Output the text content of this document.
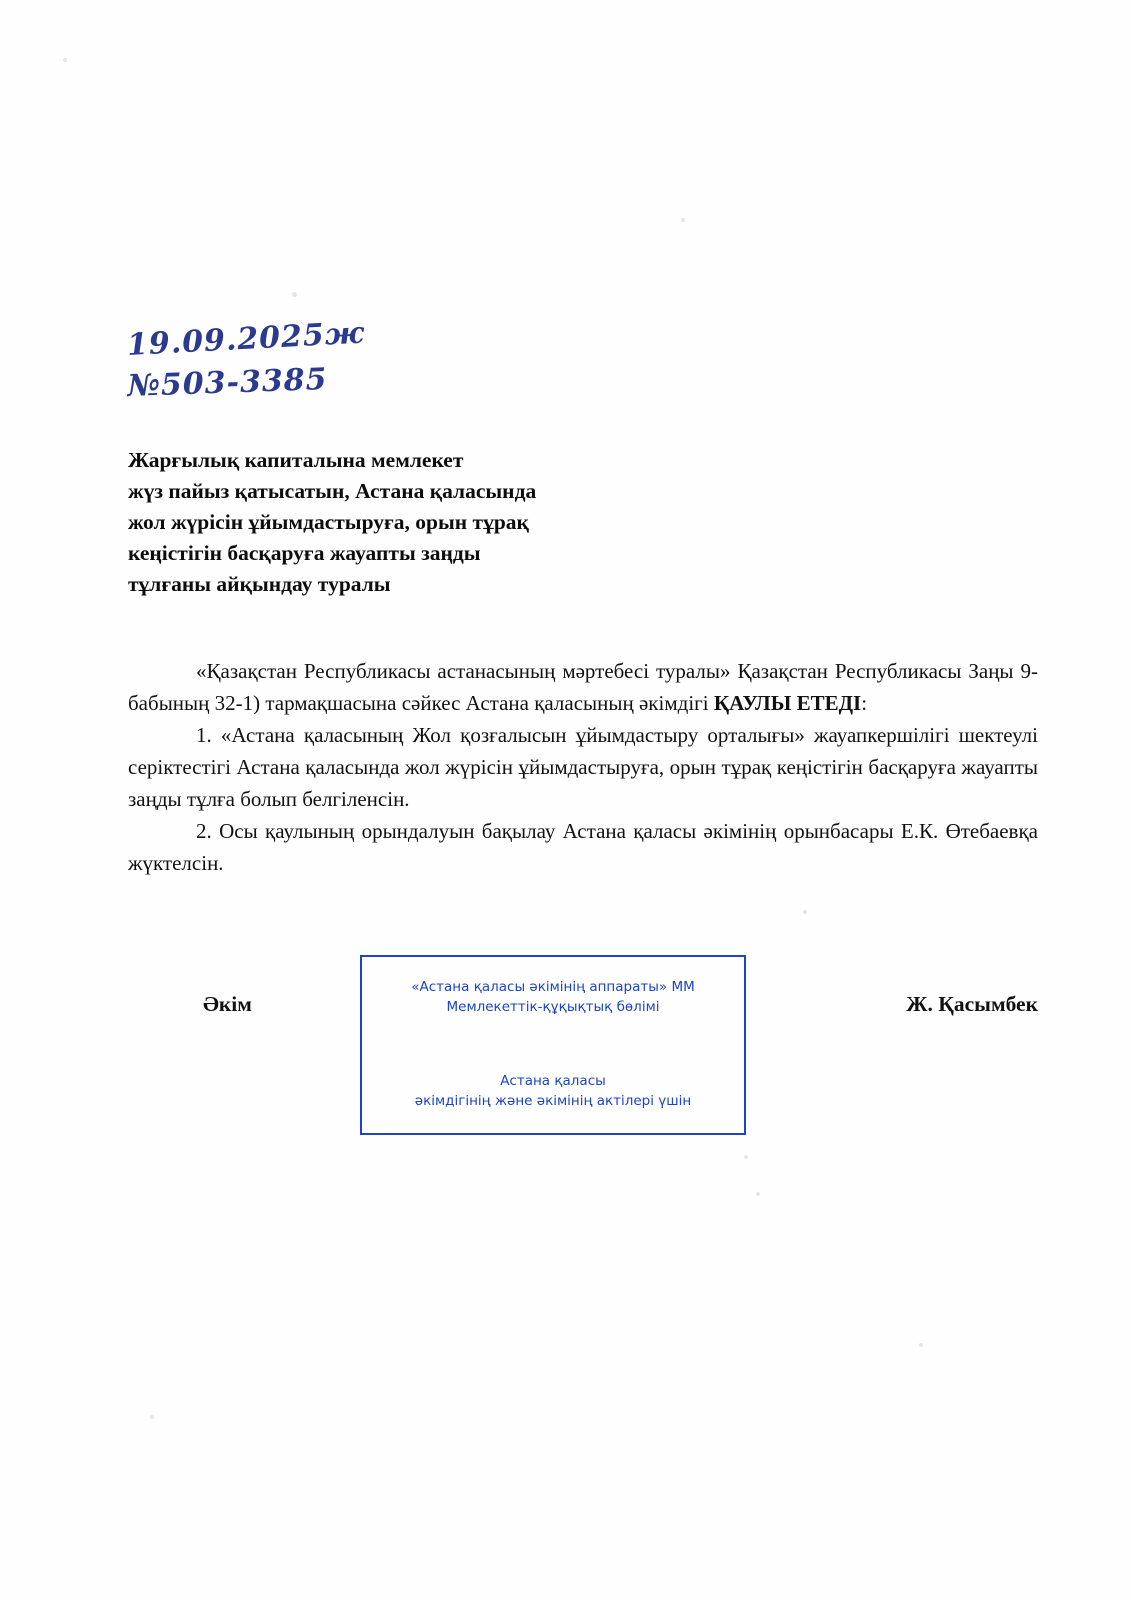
19.09.2025ж
№503-3385
Жарғылық капиталына мемлекет
жүз пайыз қатысатын, Астана қаласында
жол жүрісін ұйымдастыруға, орын тұрақ
кеңістігін басқаруға жауапты заңды
тұлғаны айқындау туралы

«Қазақстан Республикасы астанасының мәртебесі туралы» Қазақстан Республикасы Заңы 9-бабының 32-1) тармақшасына сәйкес Астана қаласының әкімдігі ҚАУЛЫ ЕТЕДІ:

1. «Астана қаласының Жол қозғалысын ұйымдастыру орталығы» жауапкершілігі шектеулі серіктестігі Астана қаласында жол жүрісін ұйымдастыруға, орын тұрақ кеңістігін басқаруға жауапты заңды тұлға болып белгіленсін.

2. Осы қаулының орындалуын бақылау Астана қаласы әкімінің орынбасары Е.К. Өтебаевқа жүктелсін.

Әкім	Ж. Қасымбек
«Астана қаласы әкімінің аппараты» ММ
Мемлекеттік-құқықтық бөлімі
Астана қаласы
әкімдігінің және әкімінің актілері үшін
